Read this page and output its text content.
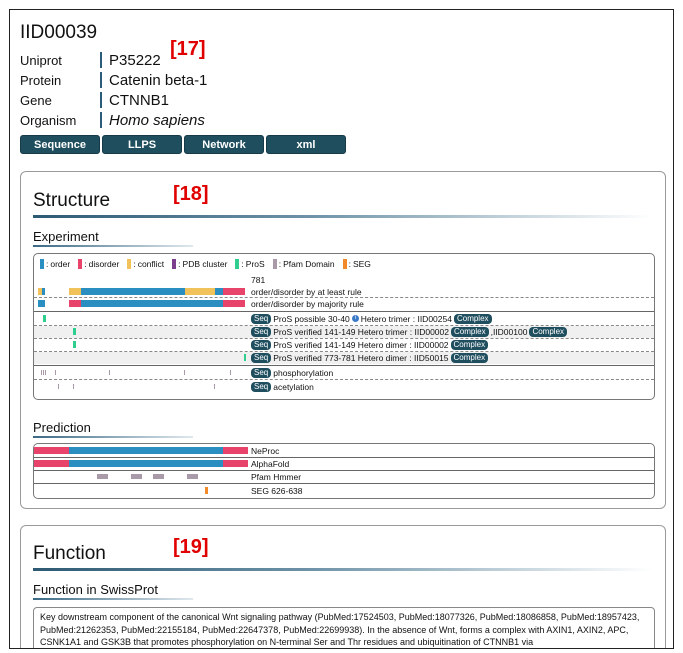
IID00039
Uniprot	P35222
Protein	Catenin beta-1
Gene	CTNNB1
Organism	Homo sapiens
[17]
Sequence	LLPS	Network	xml
Structure	[18]
Experiment
: order	: disorder	: conflict	: PDB cluster	: ProS	: Pfam Domain	: SEG
781
order/disorder by at least rule
order/disorder by majority rule
Seq ProS possible 30-40 i Hetero trimer : IID00254 Complex
Seq ProS verified 141-149 Hetero trimer : IID00002 Complex ,IID00100 Complex
Seq ProS verified 141-149 Hetero dimer : IID00002 Complex
Seq ProS verified 773-781 Hetero dimer : IID50015 Complex
Seq phosphorylation
Seq acetylation
Prediction
NeProc
AlphaFold
Pfam Hmmer
SEG 626-638
Function	[19]
Function in SwissProt
Key downstream component of the canonical Wnt signaling pathway (PubMed:17524503, PubMed:18077326, PubMed:18086858, PubMed:18957423, PubMed:21262353, PubMed:22155184, PubMed:22647378, PubMed:22699938). In the absence of Wnt, forms a complex with AXIN1, AXIN2, APC, CSNK1A1 and GSK3B that promotes phosphorylation on N-terminal Ser and Thr residues and ubiquitination of CTNNB1 via
